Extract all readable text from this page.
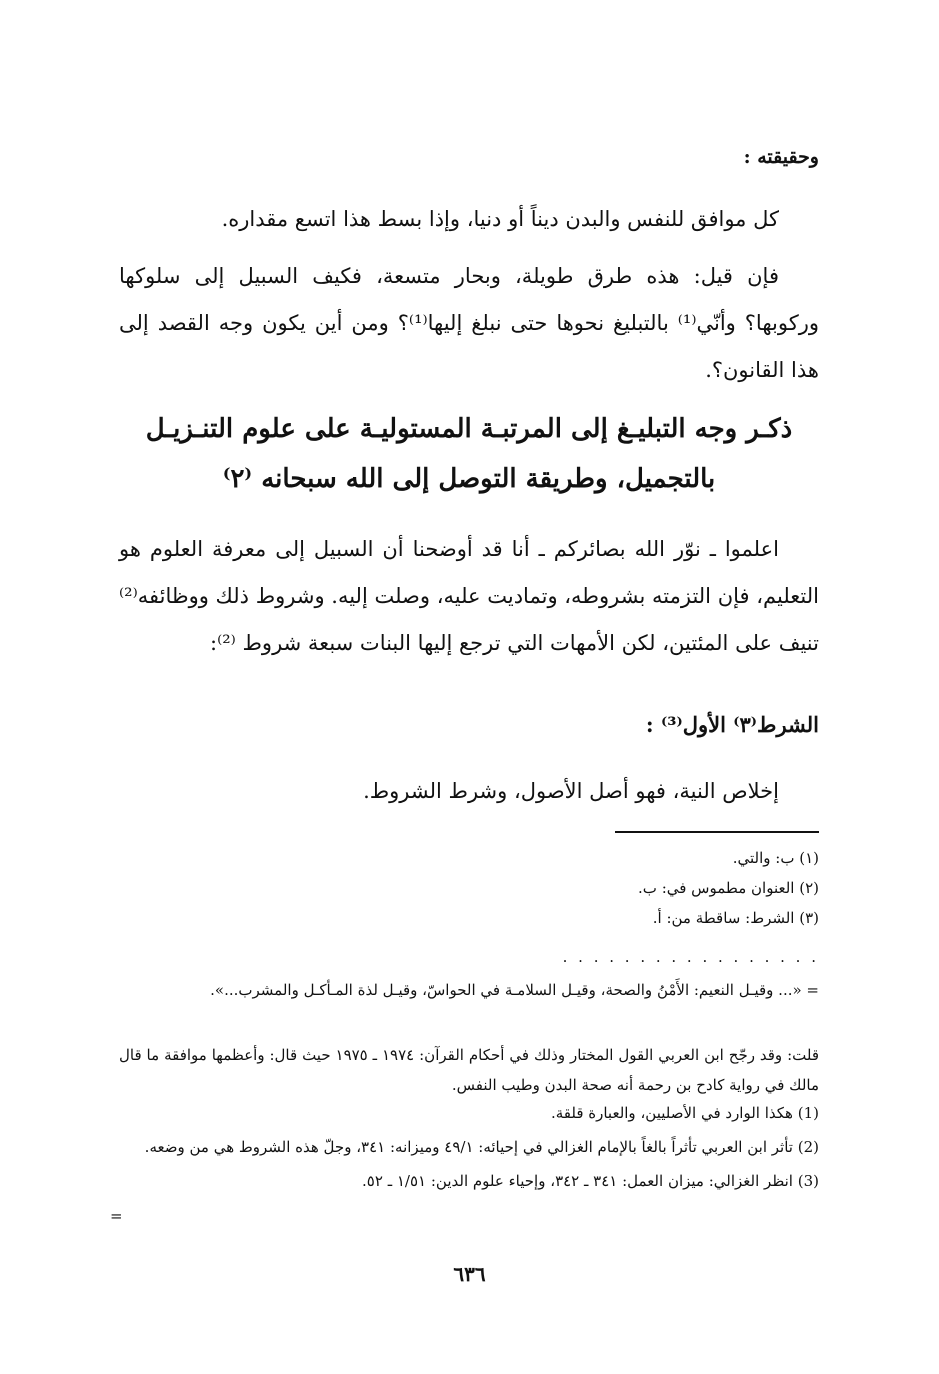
وحقيقته :
كل موافق للنفس والبدن ديناً أو دنيا، وإذا بسط هذا اتسع مقداره.
فإن قيل: هذه طرق طويلة، وبحار متسعة، فكيف السبيل إلى سلوكها وركوبها؟ وأنّي⁽¹⁾ بالتبليغ نحوها حتى نبلغ إليها⁽¹⁾؟ ومن أين يكون وجه القصد إلى هذا القانون؟.
ذكـر وجه التبليـغ إلى المرتبـة المستوليـة على علوم التنـزيـل
بالتجميل، وطريقة التوصل إلى الله سبحانه ⁽٢⁾
اعلموا ـ نوّر الله بصائركم ـ أنا قد أوضحنا أن السبيل إلى معرفة العلوم هو التعليم، فإن التزمته بشروطه، وتماديت عليه، وصلت إليه. وشروط ذلك ووظائفه⁽²⁾ تنيف على المئتين، لكن الأمهات التي ترجع إليها البنات سبعة شروط ⁽²⁾:
الشرط⁽٣⁾ الأول⁽³⁾ :
إخلاص النية، فهو أصل الأصول، وشرط الشروط.
(١) ب: والتي.
(٢) العنوان مطموس في: ب.
(٣) الشرط: ساقطة من: أ.
. . . . . . . . . . . . . . . . .
= «... وقيـل النعيم: الأَمْنُ والصحة، وقيـل السلامـة في الحواسّ، وقيـل لذة المـأكـل والمشرب...».
قلت: وقد رجّح ابن العربي القول المختار وذلك في أحكام القرآن: ١٩٧٤ ـ ١٩٧٥ حيث قال: وأعظمها موافقة ما قال مالك في رواية كادح بن رحمة أنه صحة البدن وطيب النفس.
(1) هكذا الوارد في الأصليين، والعبارة قلقة.
(2) تأثر ابن العربي تأثراً بالغاً بالإمام الغزالي في إحيائه: ٤٩/١ وميزانه: ٣٤١، وجلّ هذه الشروط هي من وضعه.
(3) انظر الغزالي: ميزان العمل: ٣٤١ ـ ٣٤٢، وإحياء علوم الدين: ١/٥١ ـ ٥٢.
=
٦٣٦
